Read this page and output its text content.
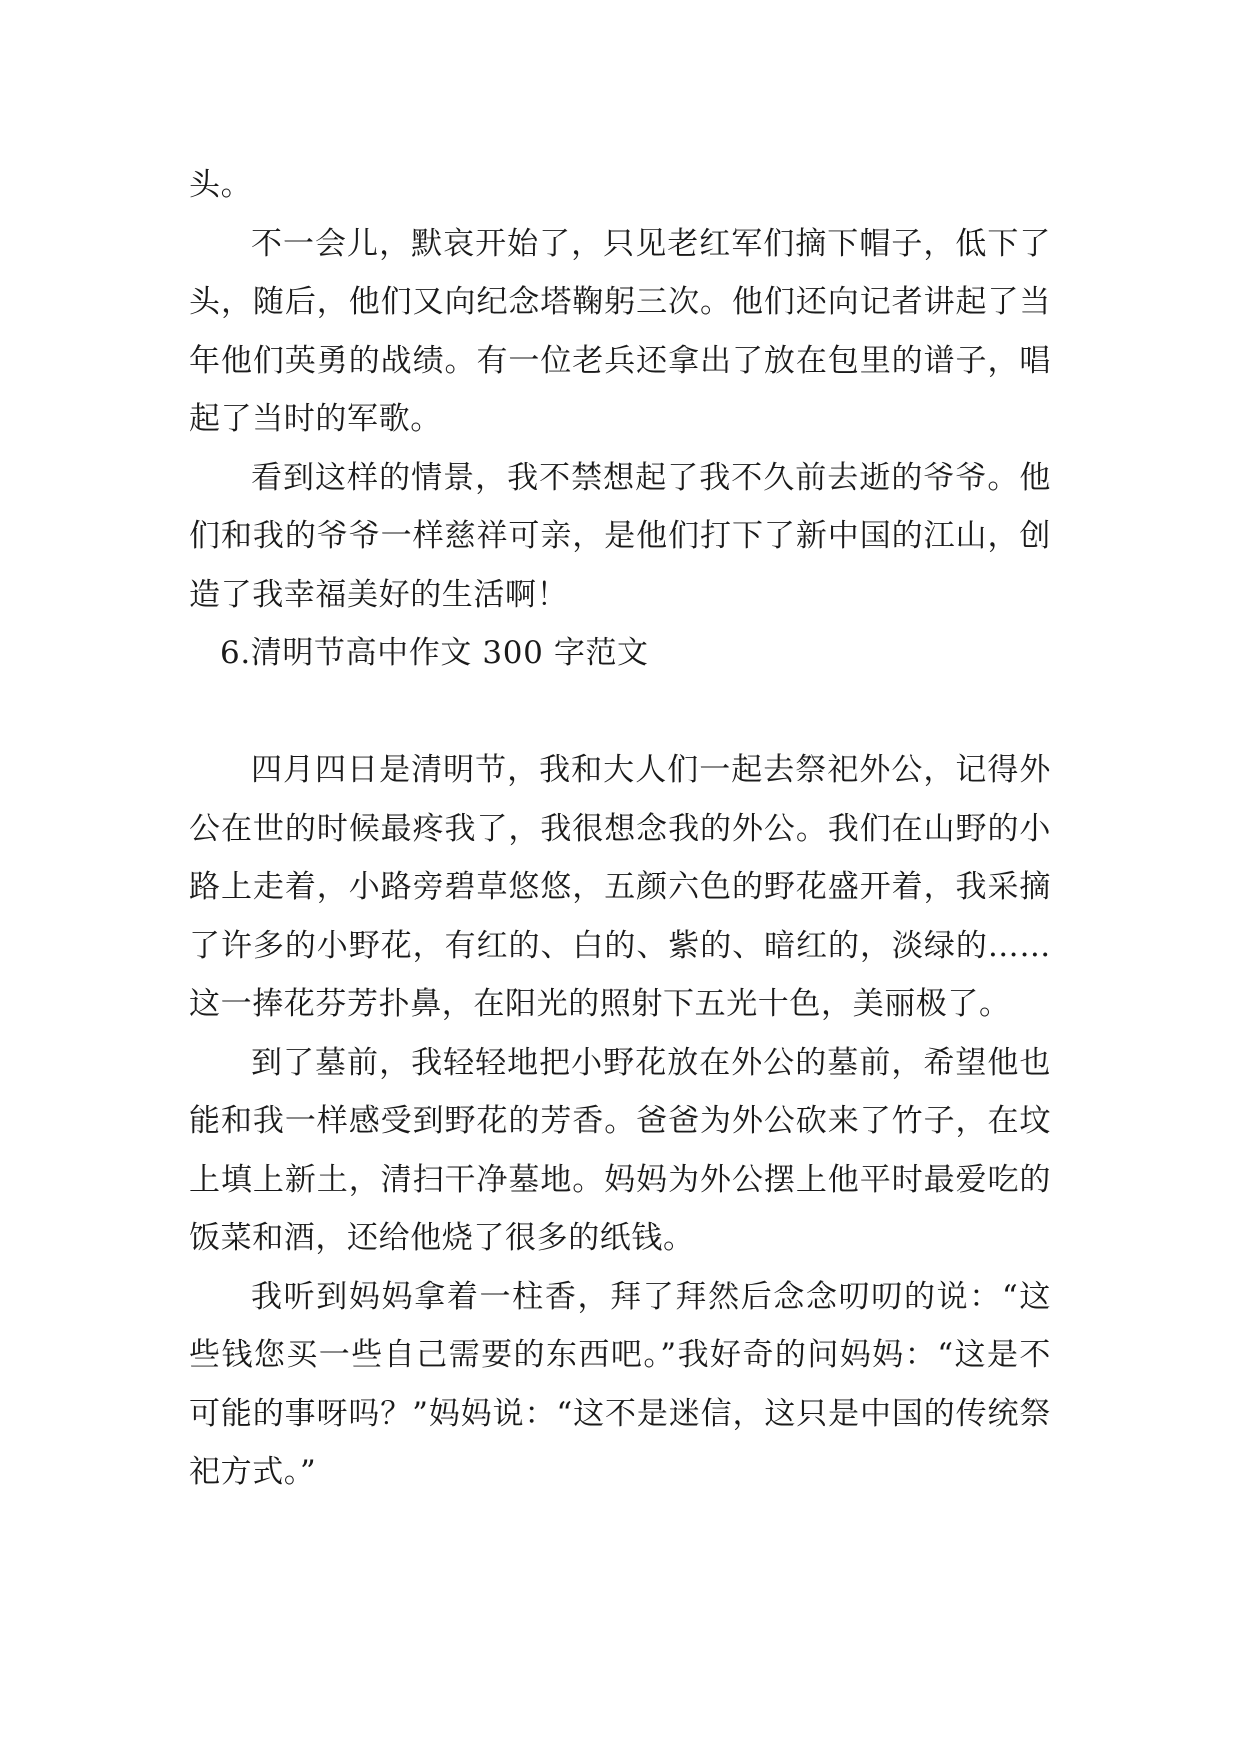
头。

不一会儿，默哀开始了，只见老红军们摘下帽子，低下了头，随后，他们又向纪念塔鞠躬三次。他们还向记者讲起了当年他们英勇的战绩。有一位老兵还拿出了放在包里的谱子，唱起了当时的军歌。

看到这样的情景，我不禁想起了我不久前去逝的爷爷。他们和我的爷爷一样慈祥可亲，是他们打下了新中国的江山，创造了我幸福美好的生活啊！

6.清明节高中作文 300 字范文

四月四日是清明节，我和大人们一起去祭祀外公，记得外公在世的时候最疼我了，我很想念我的外公。我们在山野的小路上走着，小路旁碧草悠悠，五颜六色的野花盛开着，我采摘了许多的小野花，有红的、白的、紫的、暗红的，淡绿的……这一捧花芬芳扑鼻，在阳光的照射下五光十色，美丽极了。

到了墓前，我轻轻地把小野花放在外公的墓前，希望他也能和我一样感受到野花的芳香。爸爸为外公砍来了竹子，在坟上填上新土，清扫干净墓地。妈妈为外公摆上他平时最爱吃的饭菜和酒，还给他烧了很多的纸钱。

我听到妈妈拿着一柱香，拜了拜然后念念叨叨的说：“这些钱您买一些自己需要的东西吧。”我好奇的问妈妈：“这是不可能的事呀吗？”妈妈说：“这不是迷信，这只是中国的传统祭祀方式。”
